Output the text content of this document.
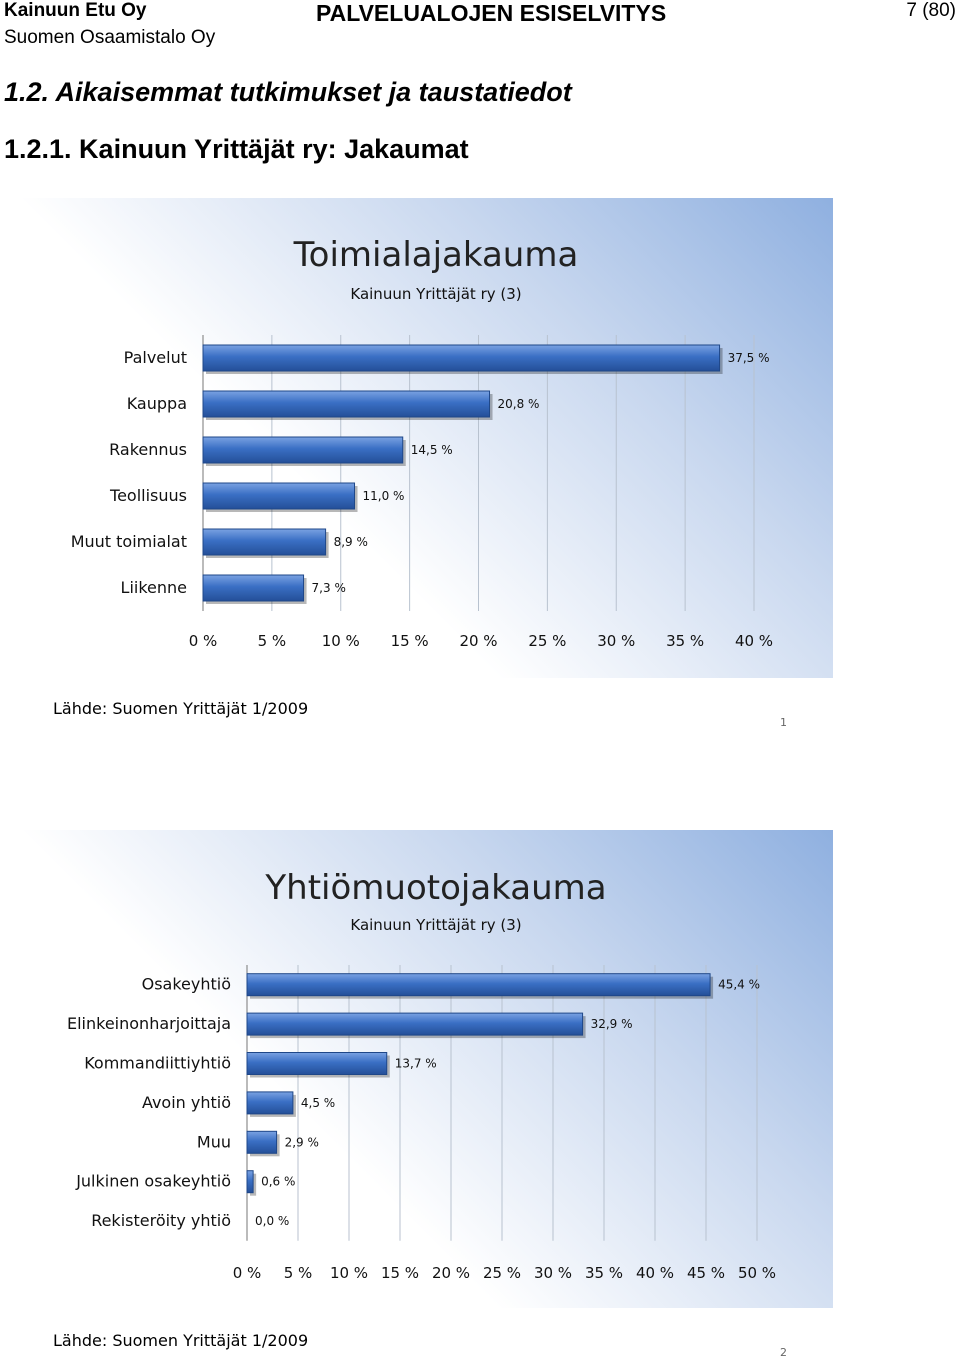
Kainuun Etu Oy
Suomen Osaamistalo Oy
PALVELUALOJEN ESISELVITYS	7 (80)
1.2. Aikaisemmat tutkimukset ja taustatiedot
1.2.1. Kainuun Yrittäjät ry: Jakaumat
Toimialajakauma
Kainuun Yrittäjät ry (3)
0 %	5 % 10 % 15 % 20 % 25 % 30 % 35 % 40 %
Palvelut	37,5 %
Kauppa	20,8 %
Rakennus	14,5 %
Teollisuus	11,0 %
Muut toimialat	8,9 %
Liikenne	7,3 %
Lähde: Suomen Yrittäjät 1/2009
1
Yhtiömuotojakauma
Kainuun Yrittäjät ry (3)
0 % 5 % 10 % 15 % 20 % 25 % 30 % 35 % 40 % 45 % 50 %
Osakeyhtiö	45,4 %
Elinkeinonharjoittaja	32,9 %
Kommandiittiyhtiö	13,7 %
Avoin yhtiö	4,5 %
Muu	2,9 %
Julkinen osakeyhtiö	0,6 %
Rekisteröity yhtiö 0,0 %
Lähde: Suomen Yrittäjät 1/2009
2
